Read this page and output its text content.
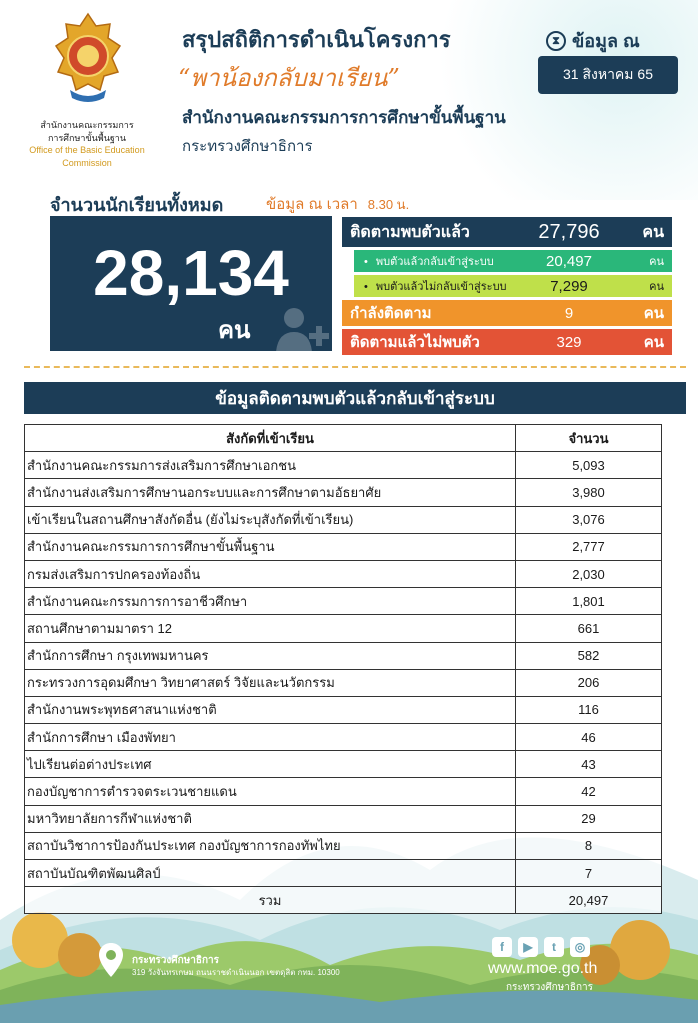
สำนักงานคณะกรรมการ
การศึกษาขั้นพื้นฐาน
Office of the Basic Education
Commission
สรุปสถิติการดำเนินโครงการ
“พาน้องกลับมาเรียน”
สำนักงานคณะกรรมการการศึกษาขั้นพื้นฐาน
กระทรวงศึกษาธิการ
⧗ ข้อมูล ณ
31 สิงหาคม 65
จำนวนนักเรียนทั้งหมด	ข้อมูล ณ เวลา 8.30 น.
28,134
คน
ติดตามพบตัวแล้ว	27,796	คน
• พบตัวแล้วกลับเข้าสู่ระบบ	20,497	คน
• พบตัวแล้วไม่กลับเข้าสู่ระบบ	7,299	คน
กำลังติดตาม	9	คน
ติดตามแล้วไม่พบตัว	329	คน
ข้อมูลติดตามพบตัวแล้วกลับเข้าสู่ระบบ
สังกัดที่เข้าเรียน	จำนวน
สำนักงานคณะกรรมการส่งเสริมการศึกษาเอกชน	5,093
สำนักงานส่งเสริมการศึกษานอกระบบและการศึกษาตามอัธยาศัย	3,980
เข้าเรียนในสถานศึกษาสังกัดอื่น (ยังไม่ระบุสังกัดที่เข้าเรียน)	3,076
สำนักงานคณะกรรมการการศึกษาขั้นพื้นฐาน	2,777
กรมส่งเสริมการปกครองท้องถิ่น	2,030
สำนักงานคณะกรรมการการอาชีวศึกษา	1,801
สถานศึกษาตามมาตรา 12	661
สำนักการศึกษา กรุงเทพมหานคร	582
กระทรวงการอุดมศึกษา วิทยาศาสตร์ วิจัยและนวัตกรรม	206
สำนักงานพระพุทธศาสนาแห่งชาติ	116
สำนักการศึกษา เมืองพัทยา	46
ไปเรียนต่อต่างประเทศ	43
กองบัญชาการตำรวจตระเวนชายแดน	42
มหาวิทยาลัยการกีฬาแห่งชาติ	29
สถาบันวิชาการป้องกันประเทศ กองบัญชาการกองทัพไทย	8
สถาบันบัณฑิตพัฒนศิลป์	7
รวม	20,497
กระทรวงศึกษาธิการ
319 วังจันทรเกษม ถนนราชดำเนินนอก เขตดุสิต กทม. 10300
f	▶	t	◎
www.moe.go.th
กระทรวงศึกษาธิการ
